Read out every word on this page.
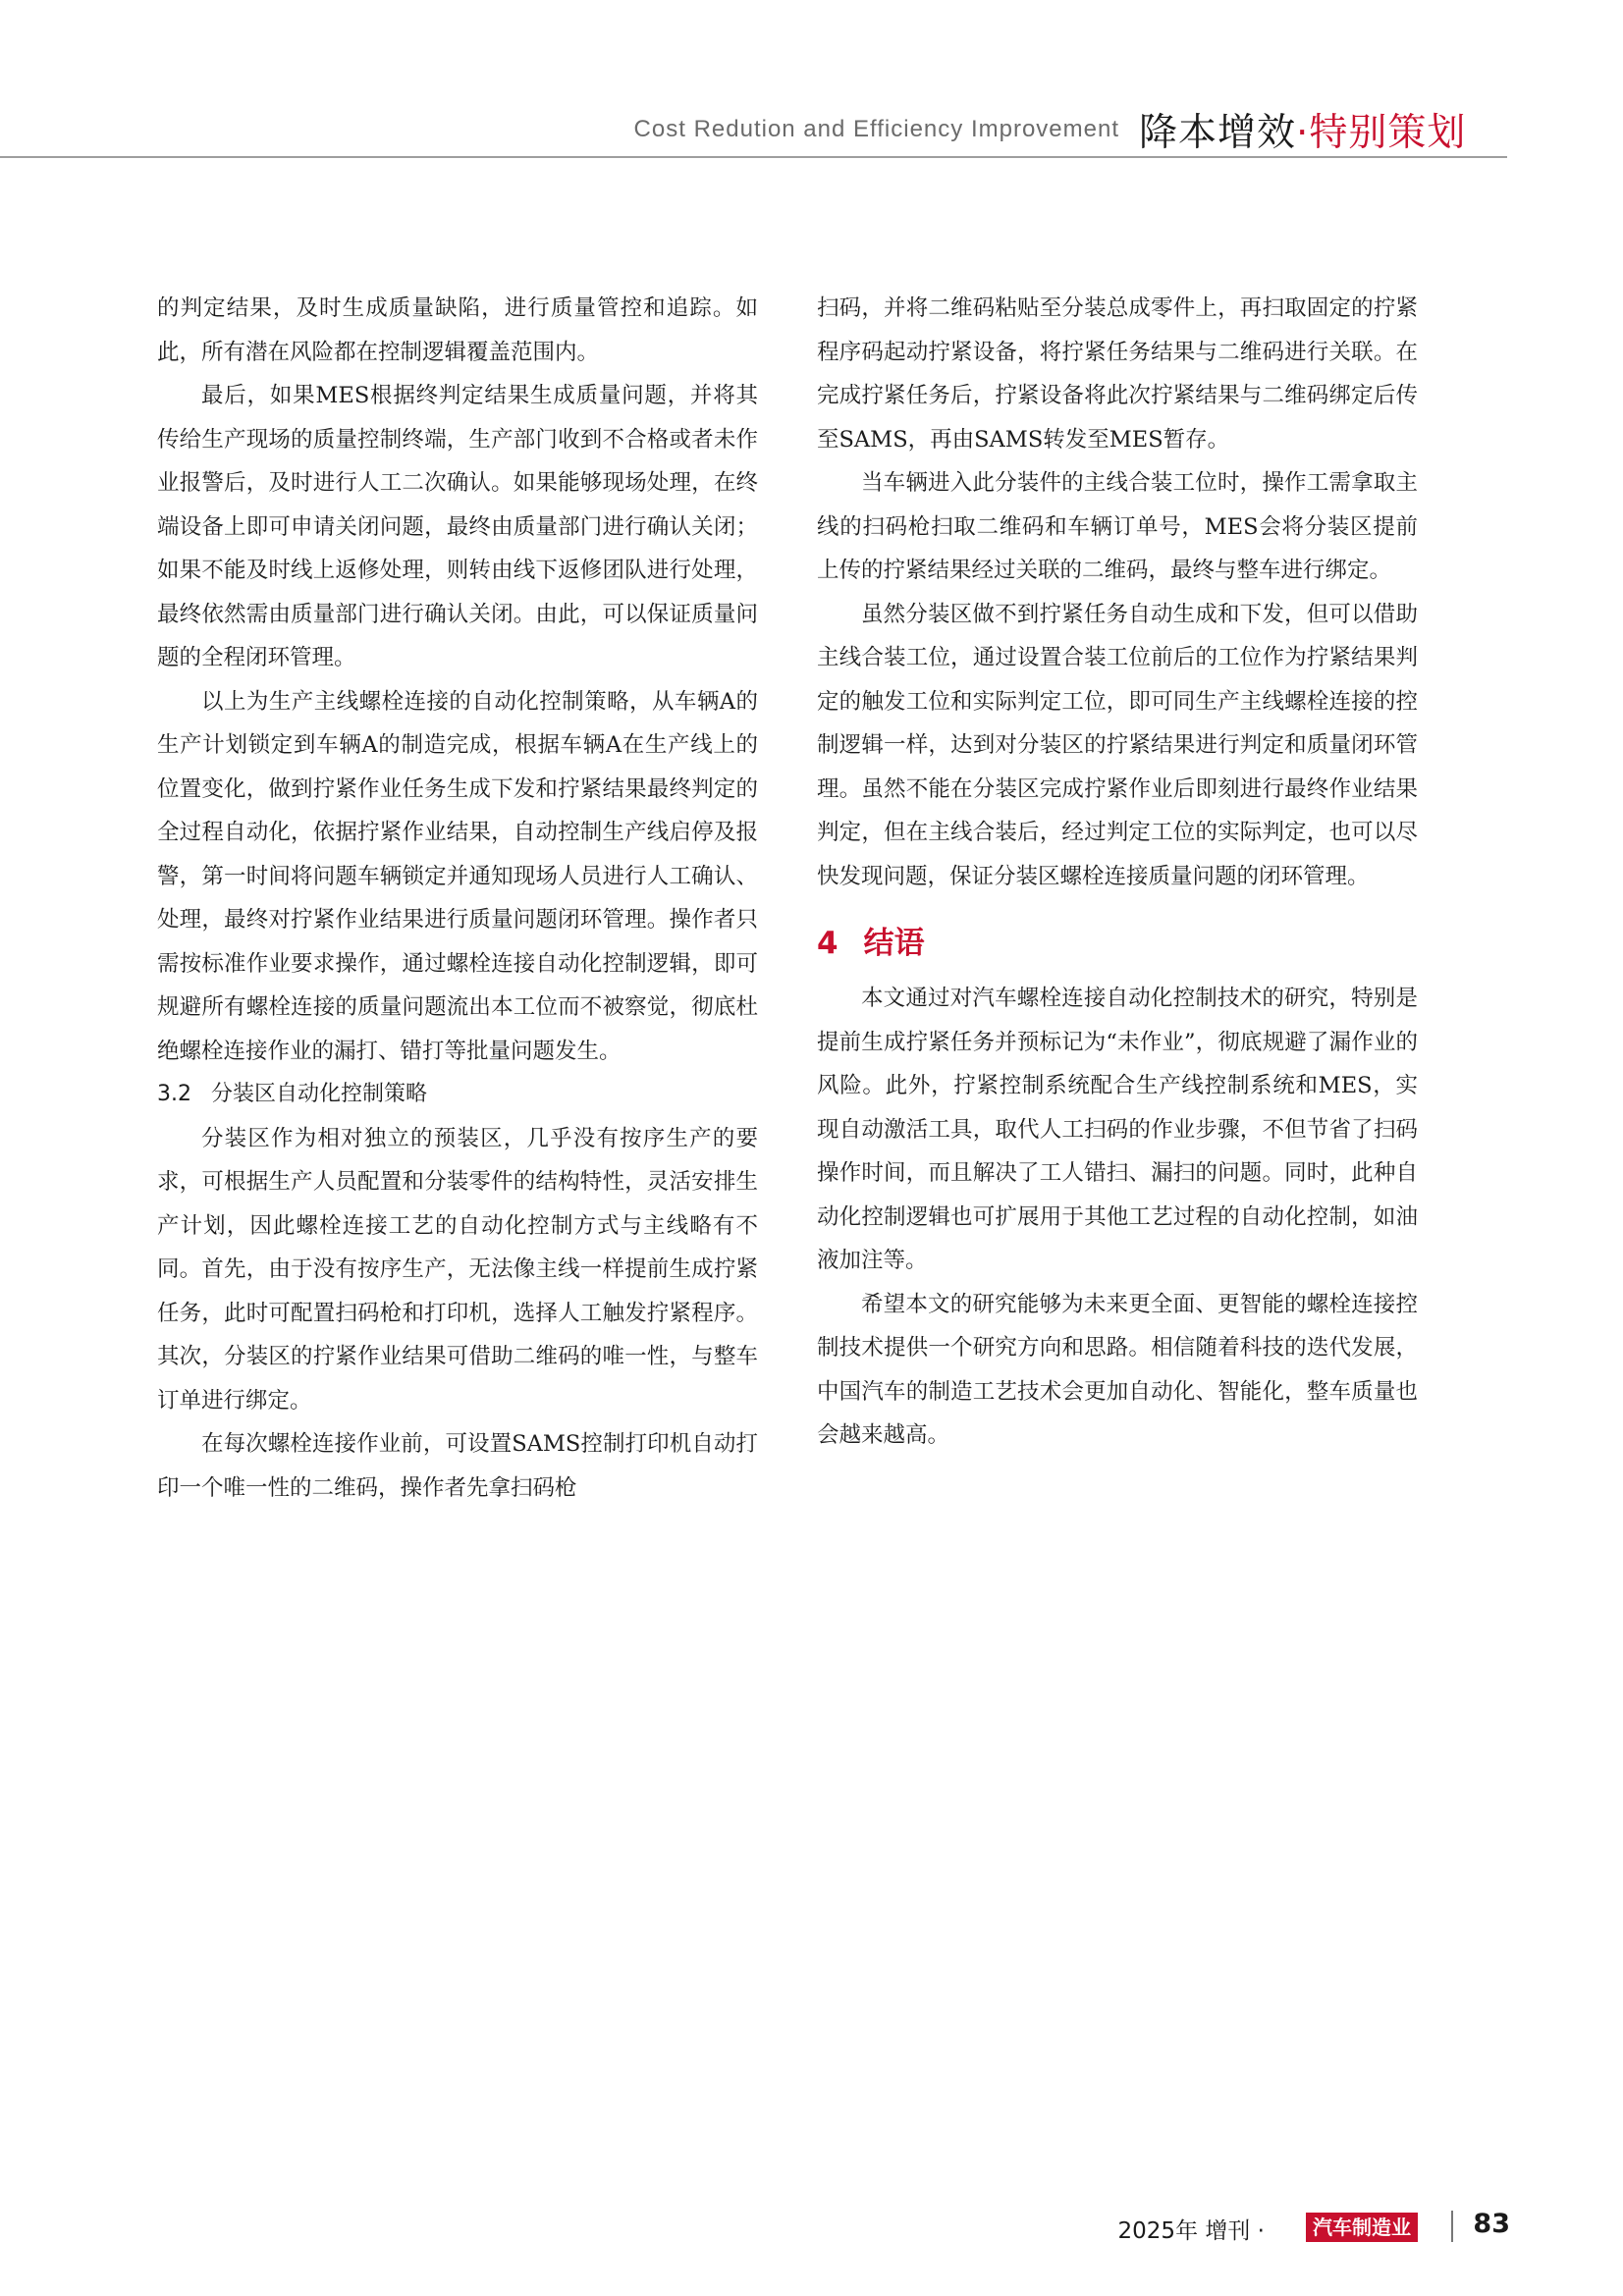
Cost Redution and Efficiency Improvement 降本增效·特别策划

的判定结果，及时生成质量缺陷，进行质量管控和追踪。如此，所有潜在风险都在控制逻辑覆盖范围内。

最后，如果MES根据终判定结果生成质量问题，并将其传给生产现场的质量控制终端，生产部门收到不合格或者未作业报警后，及时进行人工二次确认。如果能够现场处理，在终端设备上即可申请关闭问题，最终由质量部门进行确认关闭；如果不能及时线上返修处理，则转由线下返修团队进行处理，最终依然需由质量部门进行确认关闭。由此，可以保证质量问题的全程闭环管理。

以上为生产主线螺栓连接的自动化控制策略，从车辆A的生产计划锁定到车辆A的制造完成，根据车辆A在生产线上的位置变化，做到拧紧作业任务生成下发和拧紧结果最终判定的全过程自动化，依据拧紧作业结果，自动控制生产线启停及报警，第一时间将问题车辆锁定并通知现场人员进行人工确认、处理，最终对拧紧作业结果进行质量问题闭环管理。操作者只需按标准作业要求操作，通过螺栓连接自动化控制逻辑，即可规避所有螺栓连接的质量问题流出本工位而不被察觉，彻底杜绝螺栓连接作业的漏打、错打等批量问题发生。

3.2 分装区自动化控制策略

分装区作为相对独立的预装区，几乎没有按序生产的要求，可根据生产人员配置和分装零件的结构特性，灵活安排生产计划，因此螺栓连接工艺的自动化控制方式与主线略有不同。首先，由于没有按序生产，无法像主线一样提前生成拧紧任务，此时可配置扫码枪和打印机，选择人工触发拧紧程序。其次，分装区的拧紧作业结果可借助二维码的唯一性，与整车订单进行绑定。

在每次螺栓连接作业前，可设置SAMS控制打印机自动打印一个唯一性的二维码，操作者先拿扫码枪

扫码，并将二维码粘贴至分装总成零件上，再扫取固定的拧紧程序码起动拧紧设备，将拧紧任务结果与二维码进行关联。在完成拧紧任务后，拧紧设备将此次拧紧结果与二维码绑定后传至SAMS，再由SAMS转发至MES暂存。

当车辆进入此分装件的主线合装工位时，操作工需拿取主线的扫码枪扫取二维码和车辆订单号，MES会将分装区提前上传的拧紧结果经过关联的二维码，最终与整车进行绑定。

虽然分装区做不到拧紧任务自动生成和下发，但可以借助主线合装工位，通过设置合装工位前后的工位作为拧紧结果判定的触发工位和实际判定工位，即可同生产主线螺栓连接的控制逻辑一样，达到对分装区的拧紧结果进行判定和质量闭环管理。虽然不能在分装区完成拧紧作业后即刻进行最终作业结果判定，但在主线合装后，经过判定工位的实际判定，也可以尽快发现问题，保证分装区螺栓连接质量问题的闭环管理。

4 结语

本文通过对汽车螺栓连接自动化控制技术的研究，特别是提前生成拧紧任务并预标记为“未作业”，彻底规避了漏作业的风险。此外，拧紧控制系统配合生产线控制系统和MES，实现自动激活工具，取代人工扫码的作业步骤，不但节省了扫码操作时间，而且解决了工人错扫、漏扫的问题。同时，此种自动化控制逻辑也可扩展用于其他工艺过程的自动化控制，如油液加注等。

希望本文的研究能够为未来更全面、更智能的螺栓连接控制技术提供一个研究方向和思路。相信随着科技的迭代发展，中国汽车的制造工艺技术会更加自动化、智能化，整车质量也会越来越高。

2025年 增刊 ·	汽车制造业 83
